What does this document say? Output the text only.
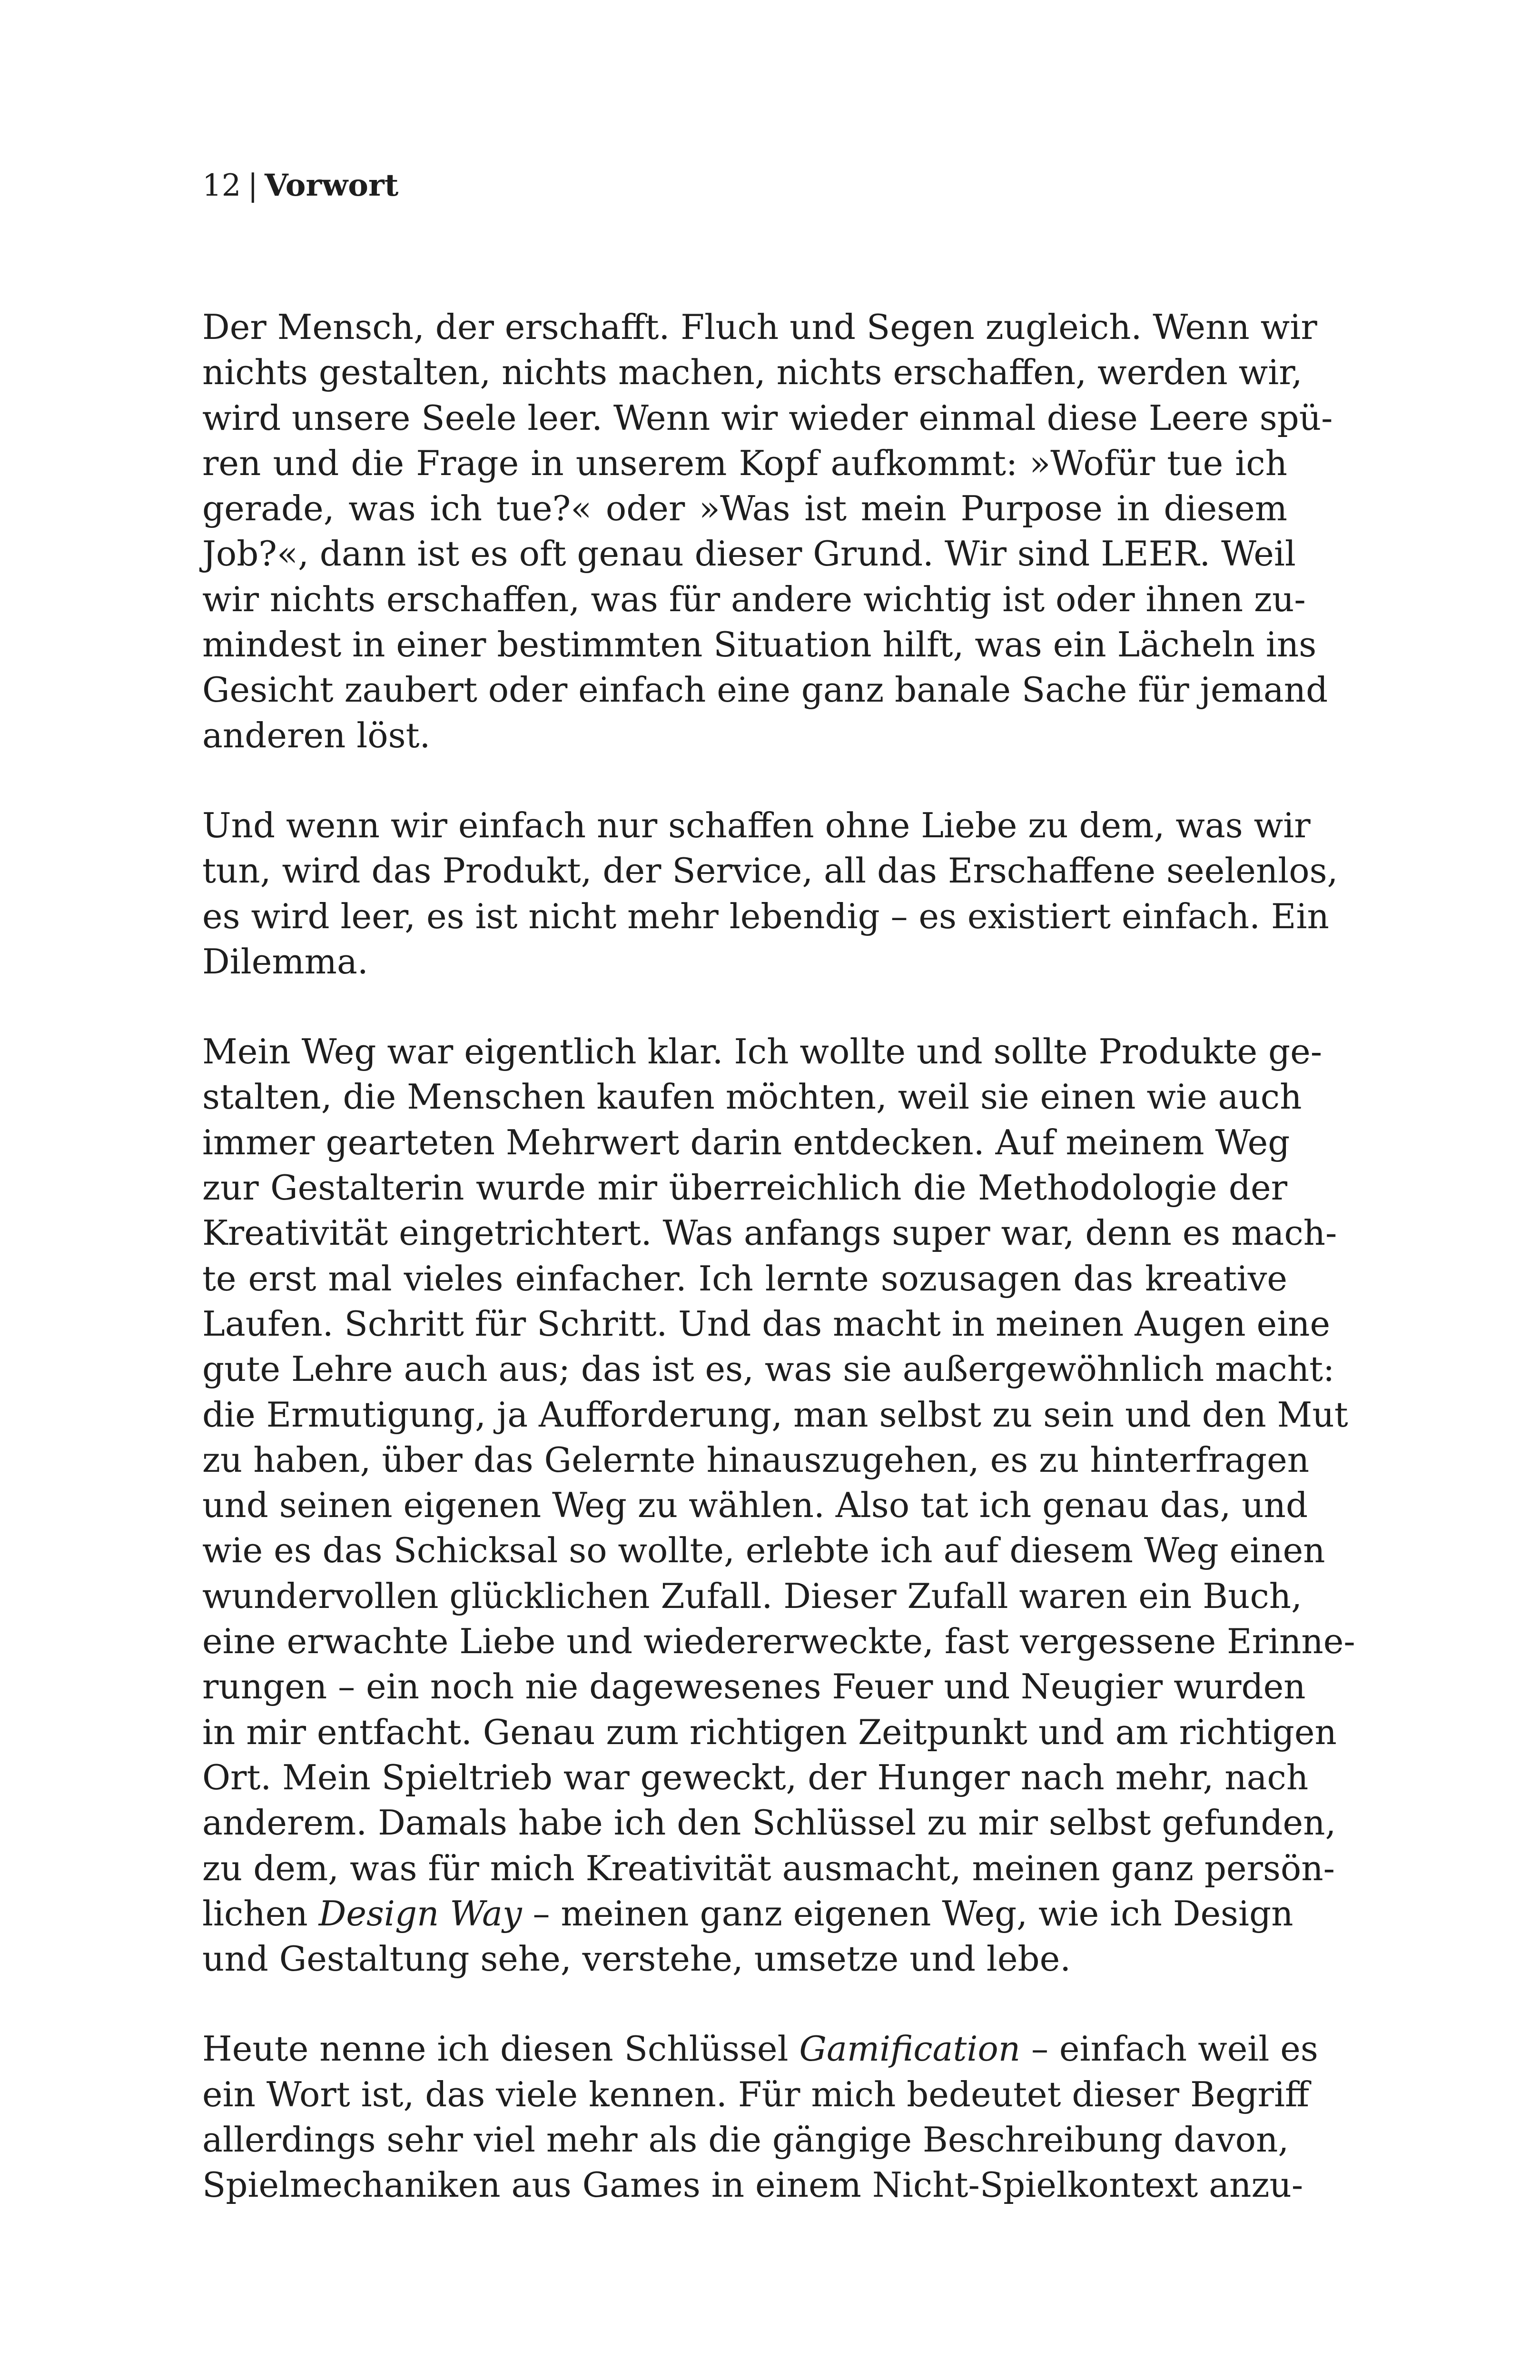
12 | Vorwort
Der Mensch, der erschafft. Fluch und Segen zugleich. Wenn wir
nichts gestalten, nichts machen, nichts erschaffen, werden wir,
wird unsere Seele leer. Wenn wir wieder einmal diese Leere spü-
ren und die Frage in unserem Kopf aufkommt: »Wofür tue ich
gerade, was ich tue?« oder »Was ist mein Purpose in diesem
Job?«, dann ist es oft genau dieser Grund. Wir sind LEER. Weil
wir nichts erschaffen, was für andere wichtig ist oder ihnen zu-
mindest in einer bestimmten Situation hilft, was ein Lächeln ins
Gesicht zaubert oder einfach eine ganz banale Sache für jemand
anderen löst.
Und wenn wir einfach nur schaffen ohne Liebe zu dem, was wir
tun, wird das Produkt, der Service, all das Erschaffene seelenlos,
es wird leer, es ist nicht mehr lebendig – es existiert einfach. Ein
Dilemma.
Mein Weg war eigentlich klar. Ich wollte und sollte Produkte ge-
stalten, die Menschen kaufen möchten, weil sie einen wie auch
immer gearteten Mehrwert darin entdecken. Auf meinem Weg
zur Gestalterin wurde mir überreichlich die Methodologie der
Kreativität eingetrichtert. Was anfangs super war, denn es mach-
te erst mal vieles einfacher. Ich lernte sozusagen das kreative
Laufen. Schritt für Schritt. Und das macht in meinen Augen eine
gute Lehre auch aus; das ist es, was sie außergewöhnlich macht:
die Ermutigung, ja Aufforderung, man selbst zu sein und den Mut
zu haben, über das Gelernte hinauszugehen, es zu hinterfragen
und seinen eigenen Weg zu wählen. Also tat ich genau das, und
wie es das Schicksal so wollte, erlebte ich auf diesem Weg einen
wundervollen glücklichen Zufall. Dieser Zufall waren ein Buch,
eine erwachte Liebe und wiedererweckte, fast vergessene Erinne-
rungen – ein noch nie dagewesenes Feuer und Neugier wurden
in mir entfacht. Genau zum richtigen Zeitpunkt und am richtigen
Ort. Mein Spieltrieb war geweckt, der Hunger nach mehr, nach
anderem. Damals habe ich den Schlüssel zu mir selbst gefunden,
zu dem, was für mich Kreativität ausmacht, meinen ganz persön-
lichen Design Way – meinen ganz eigenen Weg, wie ich Design
und Gestaltung sehe, verstehe, umsetze und lebe.
Heute nenne ich diesen Schlüssel Gamification – einfach weil es
ein Wort ist, das viele kennen. Für mich bedeutet dieser Begriff
allerdings sehr viel mehr als die gängige Beschreibung davon,
Spielmechaniken aus Games in einem Nicht-Spielkontext anzu-
